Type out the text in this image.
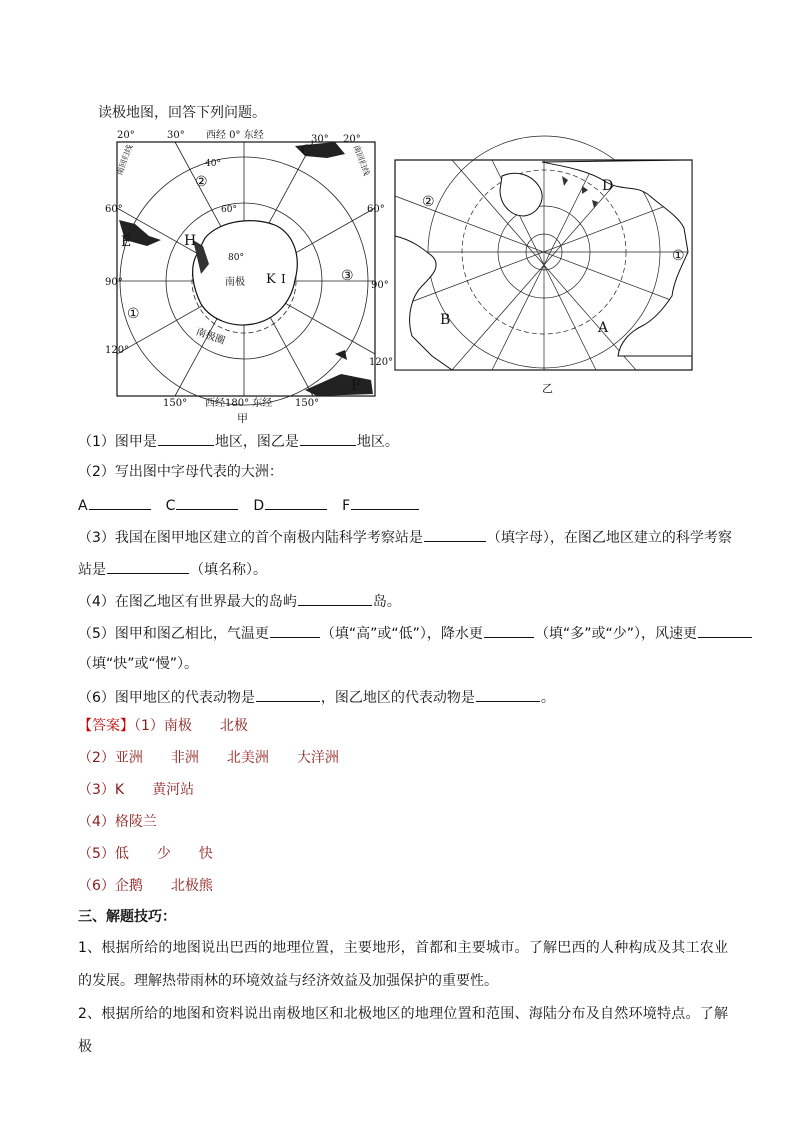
读极地图，回答下列问题。
西经 0° 东经
20°	30°	30° 20°
60°	60°
90°	90°
120°
120°
150°	150°
西经180° 东经
甲
40°
60°
80°
南极
南极圈
南回归线	南回归线
C
E
F
H
K I
②
①
③
乙
A
B
D
①
②
（1）图甲是	地区，图乙是	地区。
（2）写出图中字母代表的大洲：
A	C	D	F
（3）我国在图甲地区建立的首个南极内陆科学考察站是	（填字母），在图乙地区建立的科学考察
站是	（填名称）。
（4）在图乙地区有世界最大的岛屿	岛。
（5）图甲和图乙相比，气温更	（填“高”或“低”），降水更	（填“多”或“少”），风速更
（填“快”或“慢”）。
（6）图甲地区的代表动物是	，图乙地区的代表动物是	。
【答案】（1）南极 北极
（2）亚洲 非洲 北美洲 大洋洲
（3）K 黄河站
（4）格陵兰
（5）低 少 快
（6）企鹅 北极熊
三、解题技巧：
1、根据所给的地图说出巴西的地理位置，主要地形，首都和主要城市。了解巴西的人种构成及其工农业的发展。理解热带雨林的环境效益与经济效益及加强保护的重要性。
2、根据所给的地图和资料说出南极地区和北极地区的地理位置和范围、海陆分布及自然环境特点。了解极
